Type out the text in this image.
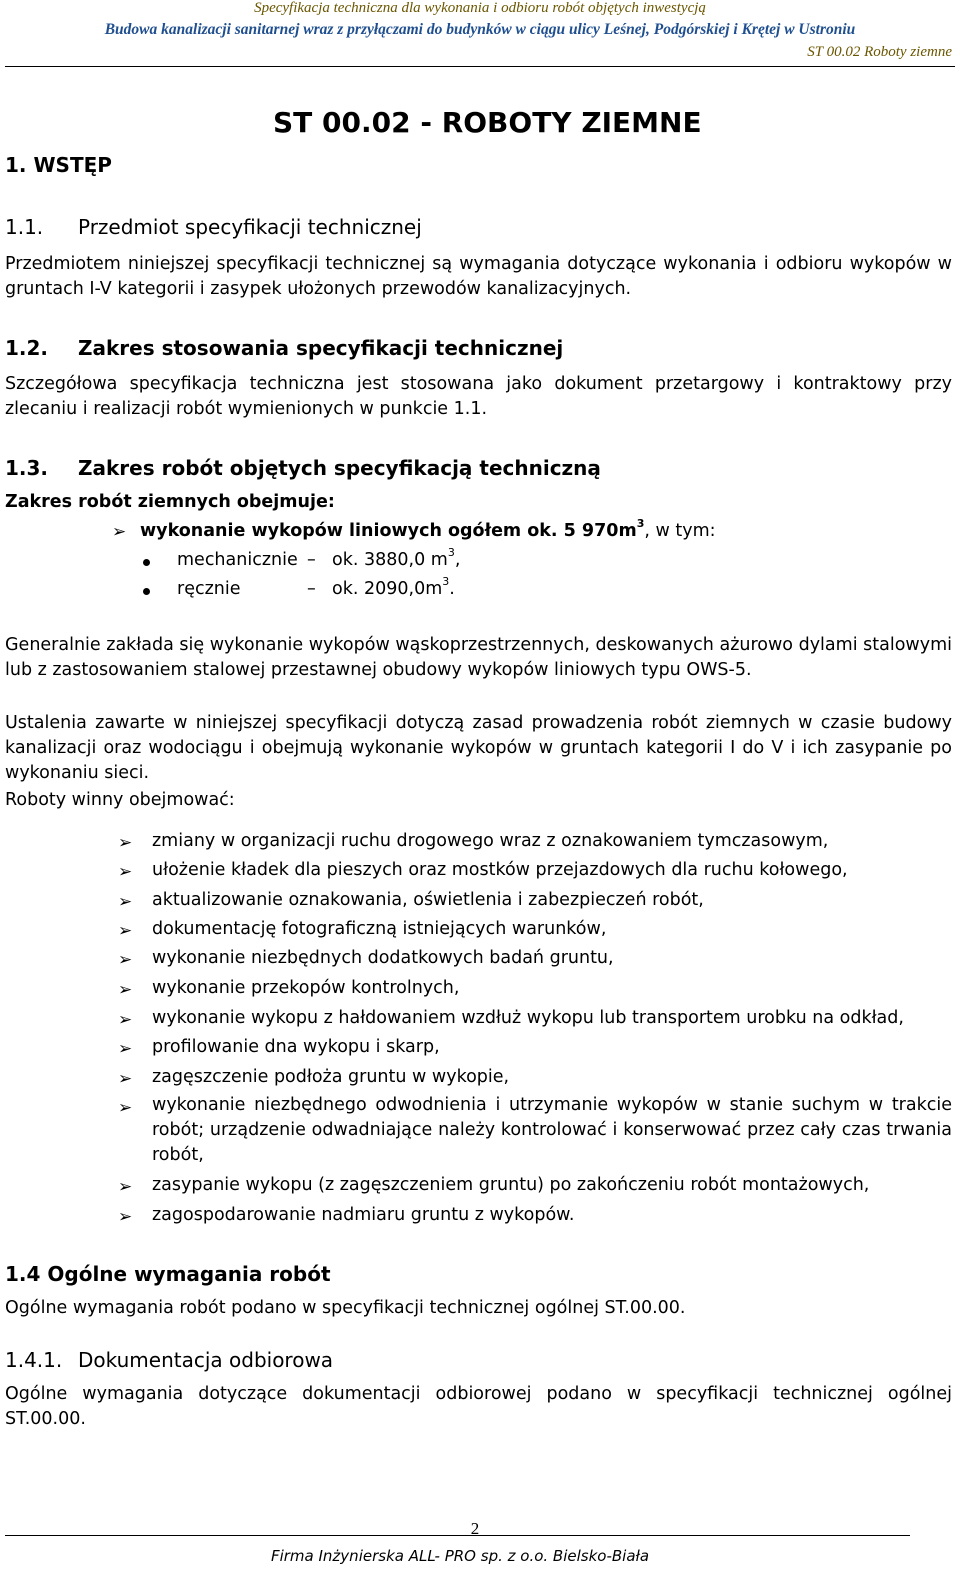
Specyfikacja techniczna dla wykonania i odbioru robót objętych inwestycją
Budowa kanalizacji sanitarnej wraz z przyłączami do budynków w ciągu ulicy Leśnej, Podgórskiej i Krętej w Ustroniu
ST 00.02 Roboty ziemne
ST 00.02 - ROBOTY ZIEMNE
1. WSTĘP
1.1. Przedmiot specyfikacji technicznej
Przedmiotem niniejszej specyfikacji technicznej są wymagania dotyczące wykonania i odbioru wykopów w gruntach I-V kategorii i zasypek ułożonych przewodów kanalizacyjnych.
1.2. Zakres stosowania specyfikacji technicznej
Szczegółowa specyfikacja techniczna jest stosowana jako dokument przetargowy i kontraktowy przy zlecaniu i realizacji robót wymienionych w punkcie 1.1.
1.3. Zakres robót objętych specyfikacją techniczną
Zakres robót ziemnych obejmuje:
➢ wykonanie wykopów liniowych ogółem ok. 5 $970m^3$, w tym:
mechanicznie – ok. 3880,0 $m^3$,
ręcznie	– ok. $2090,0m^3$.
Generalnie zakłada się wykonanie wykopów wąskoprzestrzennych, deskowanych ażurowo dylami stalowymi lub z zastosowaniem stalowej przestawnej obudowy wykopów liniowych typu OWS-5.
Ustalenia zawarte w niniejszej specyfikacji dotyczą zasad prowadzenia robót ziemnych w czasie budowy kanalizacji oraz wodociągu i obejmują wykonanie wykopów w gruntach kategorii I do V i ich zasypanie po wykonaniu sieci.
Roboty winny obejmować:
➢ zmiany w organizacji ruchu drogowego wraz z oznakowaniem tymczasowym,
➢ ułożenie kładek dla pieszych oraz mostków przejazdowych dla ruchu kołowego,
➢ aktualizowanie oznakowania, oświetlenia i zabezpieczeń robót,
➢ dokumentację fotograficzną istniejących warunków,
➢ wykonanie niezbędnych dodatkowych badań gruntu,
➢ wykonanie przekopów kontrolnych,
➢ wykonanie wykopu z hałdowaniem wzdłuż wykopu lub transportem urobku na odkład,
➢ profilowanie dna wykopu i skarp,
➢ zagęszczenie podłoża gruntu w wykopie,
➢ wykonanie niezbędnego odwodnienia i utrzymanie wykopów w stanie suchym w trakcie robót; urządzenie odwadniające należy kontrolować i konserwować przez cały czas trwania robót,
➢ zasypanie wykopu (z zagęszczeniem gruntu) po zakończeniu robót montażowych,
➢ zagospodarowanie nadmiaru gruntu z wykopów.
1.4 Ogólne wymagania robót
Ogólne wymagania robót podano w specyfikacji technicznej ogólnej ST.00.00.
1.4.1. Dokumentacja odbiorowa
Ogólne wymagania dotyczące dokumentacji odbiorowej podano w specyfikacji technicznej ogólnej ST.00.00.
2
Firma Inżynierska ALL- PRO sp. z o.o. Bielsko-Biała
